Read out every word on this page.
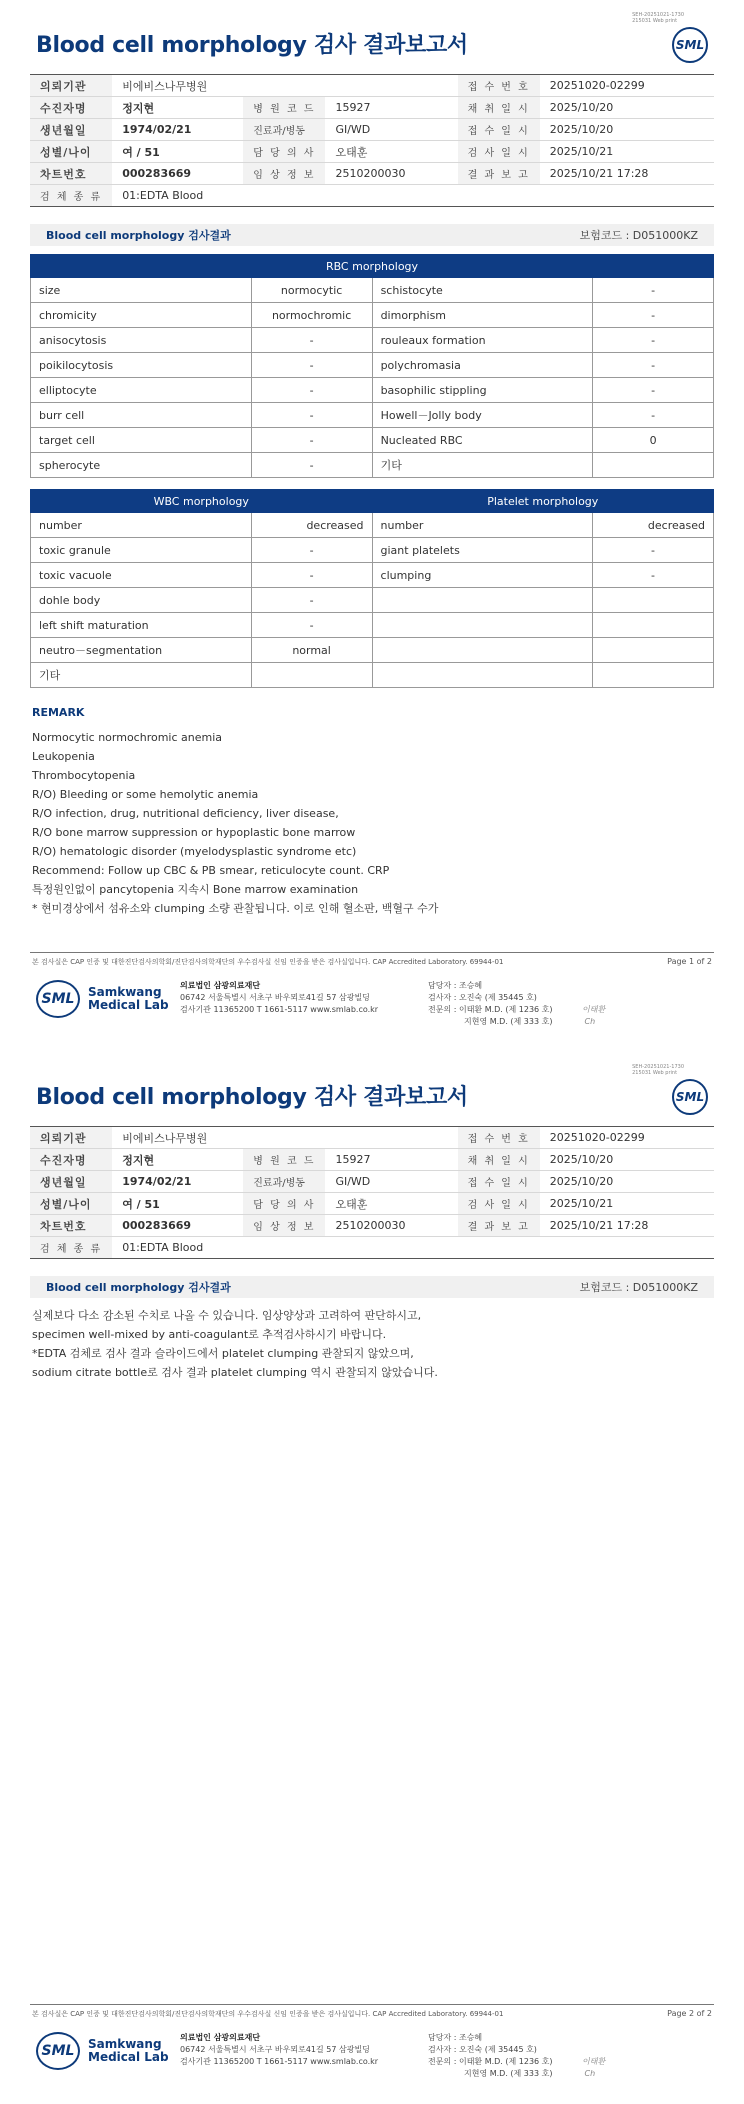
SEH-20251021-1730
215031 Web print
Blood cell morphology 검사 결과보고서	SML
의뢰기관	비에비스나무병원			접 수 번 호	20251020-02299
수진자명	정지현	병 원 코 드	15927	채 취 일 시	2025/10/20
생년월일	1974/02/21	진료과/병동	GI/WD	접 수 일 시	2025/10/20
성별/나이	여 / 51	담 당 의 사	오태훈	검 사 일 시	2025/10/21
차트번호	000283669	임 상 정 보	2510200030	결 과 보 고	2025/10/21 17:28
검 체 종 류	01:EDTA Blood				
Blood cell morphology 검사결과	보험코드 : D051000KZ
RBC morphology			
size	normocytic	schistocyte	-
chromicity	normochromic	dimorphism	-
anisocytosis	-	rouleaux formation	-
poikilocytosis	-	polychromasia	-
elliptocyte	-	basophilic stippling	-
burr cell	-	Howell－Jolly body	-
target cell	-	Nucleated RBC	0
spherocyte	-	기타	
WBC morphology		Platelet morphology	
number	decreased	number	decreased
toxic granule	-	giant platelets	-
toxic vacuole	-	clumping	-
dohle body	-		
left shift maturation	-		
neutro－segmentation	normal		
기타			
REMARK
Normocytic normochromic anemia
Leukopenia
Thrombocytopenia
R/O) Bleeding or some hemolytic anemia
R/O infection, drug, nutritional deficiency, liver disease,
R/O bone marrow suppression or hypoplastic bone marrow
R/O) hematologic disorder (myelodysplastic syndrome etc)
Recommend: Follow up CBC & PB smear, reticulocyte count. CRP
특정원인없이 pancytopenia 지속시 Bone marrow examination
* 현미경상에서 섬유소와 clumping 소량 관찰됩니다. 이로 인해 혈소판, 백혈구 수가
본 검사실은 CAP 인증 및 대한진단검사의학회/진단검사의학재단의 우수검사실 신임 인증을 받은 검사실입니다. CAP Accredited Laboratory. 69944-01	Page 1 of 2
SML Samkwang
Medical Lab
의료법인 삼광의료재단
06742 서울특별시 서초구 바우뫼로41길 57 삼광빌딩
검사기관 11365200 T 1661-5117 www.smlab.co.kr
담당자 : 조승혜
검사자 : 오진숙 (제 35445 호)
전문의 : 이태환 M.D. (제 1236 호)
지현영 M.D. (제 333 호)
이태환
Ch
SEH-20251021-1730
215031 Web print
Blood cell morphology 검사 결과보고서	SML
의뢰기관	비에비스나무병원			접 수 번 호	20251020-02299
수진자명	정지현	병 원 코 드	15927	채 취 일 시	2025/10/20
생년월일	1974/02/21	진료과/병동	GI/WD	접 수 일 시	2025/10/20
성별/나이	여 / 51	담 당 의 사	오태훈	검 사 일 시	2025/10/21
차트번호	000283669	임 상 정 보	2510200030	결 과 보 고	2025/10/21 17:28
검 체 종 류	01:EDTA Blood				
Blood cell morphology 검사결과	보험코드 : D051000KZ
실제보다 다소 감소된 수치로 나올 수 있습니다. 임상양상과 고려하여 판단하시고,
specimen well-mixed by anti-coagulant로 추적검사하시기 바랍니다.
*EDTA 검체로 검사 결과 슬라이드에서 platelet clumping 관찰되지 않았으며,
sodium citrate bottle로 검사 결과 platelet clumping 역시 관찰되지 않았습니다.
본 검사실은 CAP 인증 및 대한진단검사의학회/진단검사의학재단의 우수검사실 신임 인증을 받은 검사실입니다. CAP Accredited Laboratory. 69944-01	Page 2 of 2
SML Samkwang
Medical Lab
의료법인 삼광의료재단
06742 서울특별시 서초구 바우뫼로41길 57 삼광빌딩
검사기관 11365200 T 1661-5117 www.smlab.co.kr
담당자 : 조승혜
검사자 : 오진숙 (제 35445 호)
전문의 : 이태환 M.D. (제 1236 호)
지현영 M.D. (제 333 호)
이태환
Ch
